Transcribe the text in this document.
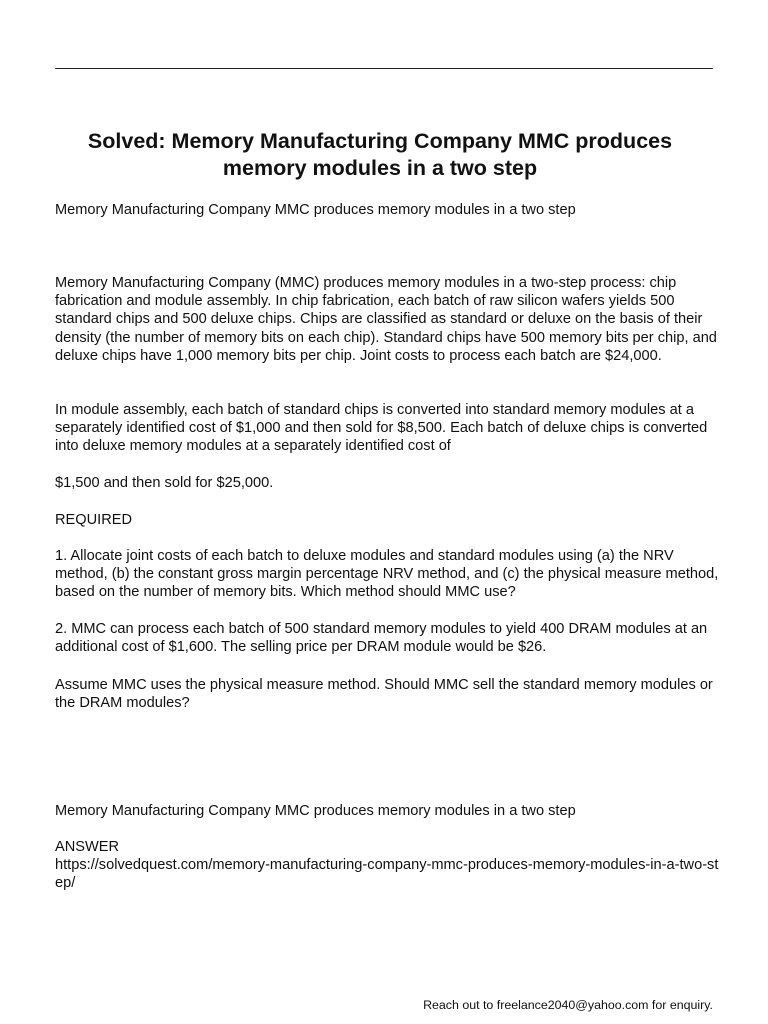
Solved: Memory Manufacturing Company MMC produces memory modules in a two step

Memory Manufacturing Company MMC produces memory modules in a two step

Memory Manufacturing Company (MMC) produces memory modules in a two-step process: chip fabrication and module assembly. In chip fabrication, each batch of raw silicon wafers yields 500 standard chips and 500 deluxe chips. Chips are classified as standard or deluxe on the basis of their density (the number of memory bits on each chip). Standard chips have 500 memory bits per chip, and deluxe chips have 1,000 memory bits per chip. Joint costs to process each batch are $24,000.

In module assembly, each batch of standard chips is converted into standard memory modules at a separately identified cost of $1,000 and then sold for $8,500. Each batch of deluxe chips is converted into deluxe memory modules at a separately identified cost of

$1,500 and then sold for $25,000.

REQUIRED

1. Allocate joint costs of each batch to deluxe modules and standard modules using (a) the NRV method, (b) the constant gross margin percentage NRV method, and (c) the physical measure method, based on the number of memory bits. Which method should MMC use?

2. MMC can process each batch of 500 standard memory modules to yield 400 DRAM modules at an additional cost of $1,600. The selling price per DRAM module would be $26.

Assume MMC uses the physical measure method. Should MMC sell the standard memory modules or the DRAM modules?

Memory Manufacturing Company MMC produces memory modules in a two step

ANSWER

https://solvedquest.com/memory-manufacturing-company-mmc-produces-memory-modules-in-a-two-step/

Reach out to freelance2040@yahoo.com for enquiry.
